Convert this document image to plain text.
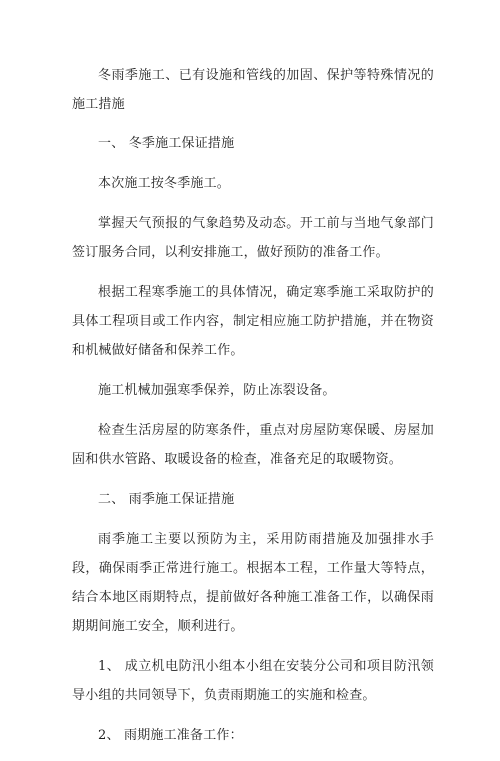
冬雨季施工、已有设施和管线的加固、保护等特殊情况的施工措施

一、 冬季施工保证措施

本次施工按冬季施工。

掌握天气预报的气象趋势及动态。开工前与当地气象部门签订服务合同，以利安排施工，做好预防的准备工作。

根据工程寒季施工的具体情况，确定寒季施工采取防护的具体工程项目或工作内容，制定相应施工防护措施，并在物资和机械做好储备和保养工作。

施工机械加强寒季保养，防止冻裂设备。

检查生活房屋的防寒条件，重点对房屋防寒保暖、房屋加固和供水管路、取暖设备的检查，准备充足的取暖物资。

二、 雨季施工保证措施

雨季施工主要以预防为主，采用防雨措施及加强排水手段，确保雨季正常进行施工。根据本工程，工作量大等特点，结合本地区雨期特点，提前做好各种施工准备工作，以确保雨期期间施工安全，顺利进行。

1、 成立机电防汛小组本小组在安装分公司和项目防汛领导小组的共同领导下，负责雨期施工的实施和检查。

2、 雨期施工准备工作：
